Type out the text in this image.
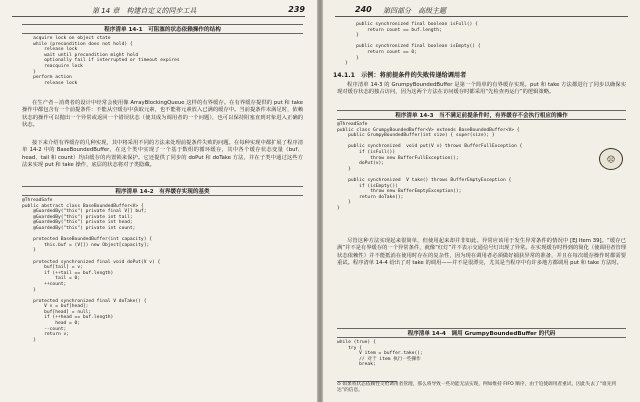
第 14 章　构建自定义的同步工具	239

程序清单 14-1　可阻塞的状态依赖操作的结构

acquire lock on object state
while (precondition does not hold) {
release lock
wait until precondition might hold
optionally fail if interrupted or timeout expires
reacquire lock
}
perform action
release lock

在生产者－消费者的设计中经常会使用像 ArrayBlockingQueue 这样的有界缓存。在有界缓存提供的 put 和 take 操作中都包含有一个前提条件：不能从空缓存中获取元素，也不能将元素放入已满的缓存中。当前提条件未满足时，依赖状态的操作可以抛出一个异常或返回一个错误状态（使其成为调用者的一个问题），也可以保持阻塞直到对象进入正确的状态。

接下来介绍有界缓存的几种实现，其中将采用不同的方法来处理前提条件失败的问题。在每种实现中都扩展了程序清单 14-2 中的 BaseBoundedBuffer，在这个类中实现了一个基于数组的循环缓存，其中各个缓存状态变量（buf、head、tail 和 count）均由缓存的内置锁来保护。它还提供了同步的 doPut 和 doTake 方法，并在子类中通过这些方法来实现 put 和 take 操作，底层的状态将对子类隐藏。

程序清单 14-2　有界缓存实现的基类

@ThreadSafe
public abstract class BaseBoundedBuffer<V> {
@GuardedBy("this") private final V[] buf;
@GuardedBy("this") private int tail;
@GuardedBy("this") private int head;
@GuardedBy("this") private int count;

protected BaseBoundedBuffer(int capacity) {
this.buf = (V[]) new Object[capacity];
}

protected synchronized final void doPut(V v) {
buf[tail] = v;
if (++tail == buf.length)
tail = 0;
++count;
}

protected synchronized final V doTake() {
V v = buf[head];
buf[head] = null;
if (++head == buf.length)
head = 0;
--count;
return v;
}
240 第四部分　高级主题
public synchronized final boolean isFull() {
return count == buf.length;
}

public synchronized final boolean isEmpty() {
return count == 0;
}
}

14.1.1　示例：将前提条件的失败传递给调用者

程序清单 14-3 的 GrumpyBoundedBuffer 是第一个简单的有界缓存实现。put 和 take 方法都进行了同步以确保实现对缓存状态的独占访问，因为这两个方法在访问缓存时都采用“先检查再运行”的逻辑策略。

程序清单 14-3　当不满足前提条件时，有界缓存不会执行相应的操作

@ThreadSafe
public class GrumpyBoundedBuffer<V> extends BaseBoundedBuffer<V> {
public GrumpyBoundedBuffer(int size) { super(size); }

public synchronized  void put(V v) throws BufferFullException {
if (isFull())
throw new BufferFullException();
doPut(v);
}

public synchronized  V take() throws BufferEmptyException {
if (isEmpty())
throw new BufferEmptyException();
return doTake();
}
}
☹

尽管这种方法实现起来很简单，但使用起来却并非如此。异常应该用于发生异常条件的情况中 [EJ Item 39]。“缓存已满”并不是有界缓存的一个异常条件，就像“红灯”并不表示交通信号灯出现了异常。在实现缓存时得到的简化（使调用者管理状态依赖性）并不能抵消在使用时存在的复杂性，因为现在调用者必须做好捕获异常的准备，并且在每次缓存操作时都需要重试。程序清单 14-4 给出了对 take 的调用——并不是很漂亮，尤其是当程序中有许多地方都调用 put 和 take 方法时。

程序清单 14-4　调用 GrumpyBoundedBuffer 的代码

while (true) {
try {
V item = buffer.take();
// 对于 item 执行一些操作
break;

⊙ 如果将状态依赖性交给调用者管理，那么将导致一些功能无法实现，例如维持 FIFO 顺序，由于迫使调用者重试，因此失去了“谁先到达”的信息。
